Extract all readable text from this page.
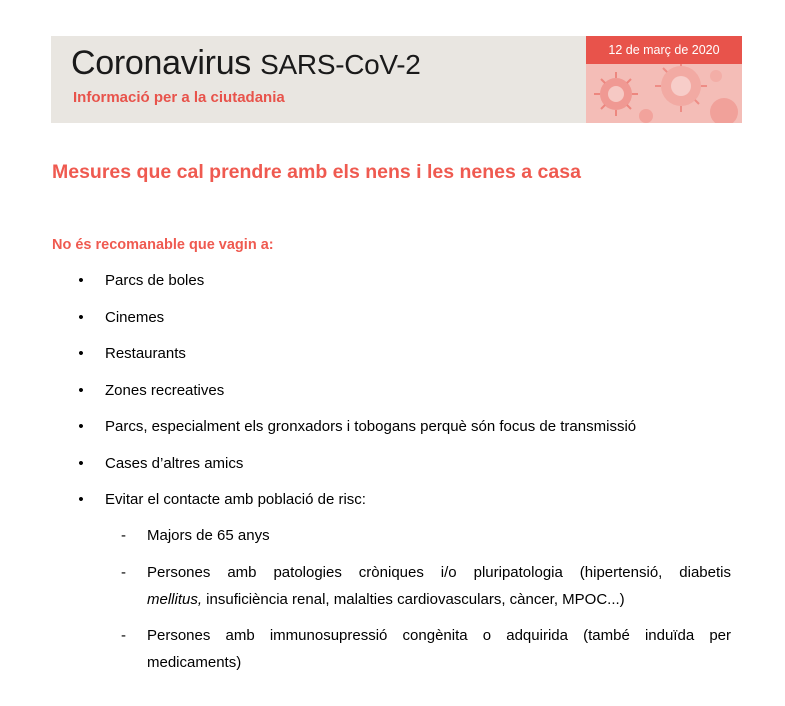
Coronavirus SARS-CoV-2
Informació per a la ciutadania
12 de març de 2020
Mesures que cal prendre amb els nens i les nenes a casa
No és recomanable que vagin a:
• Parcs de boles
• Cinemes
• Restaurants
• Zones recreatives
• Parcs, especialment els gronxadors i tobogans perquè són focus de transmissió
• Cases d’altres amics
• Evitar el contacte amb població de risc:
- Majors de 65 anys
- Persones amb patologies cròniques i/o pluripatologia (hipertensió, diabetis
mellitus, insuficiència renal, malalties cardiovasculars, càncer, MPOC...)
- Persones amb immunosupressió congènita o adquirida (també induïda per
medicaments)
